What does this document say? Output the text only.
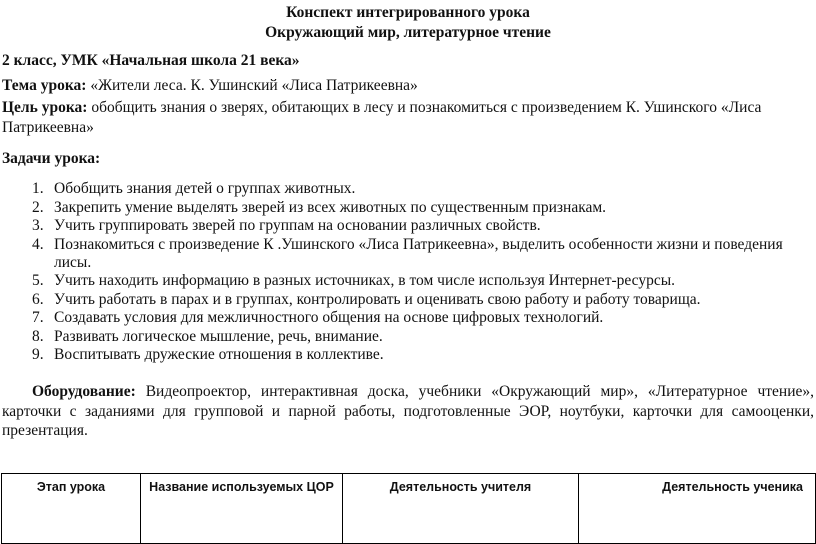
Конспект интегрированного урока
Окружающий мир, литературное чтение
2 класс, УМК «Начальная школа 21 века»
Тема урока: «Жители леса. К. Ушинский «Лиса Патрикеевна»
Цель урока: обобщить знания о зверях, обитающих в лесу и познакомиться с произведением К. Ушинского «Лиса
Патрикеевна»
Задачи урока:
1. Обобщить знания детей о группах животных.
2. Закрепить умение выделять зверей из всех животных по существенным признакам.
3. Учить группировать зверей по группам на основании различных свойств.
4. Познакомиться с произведение К .Ушинского «Лиса Патрикеевна», выделить особенности жизни и поведения
лисы.
5. Учить находить информацию в разных источниках, в том числе используя Интернет-ресурсы.
6. Учить работать в парах и в группах, контролировать и оценивать свою работу и работу товарища.
7. Создавать условия для межличностного общения на основе цифровых технологий.
8. Развивать логическое мышление, речь, внимание.
9. Воспитывать дружеские отношения в коллективе.
Оборудование: Видеопроектор, интерактивная доска, учебники «Окружающий мир», «Литературное чтение»,
карточки с заданиями для групповой и парной работы, подготовленные ЭОР, ноутбуки, карточки для самооценки,
презентация.
Этап урока	Название используемых ЦОР	Деятельность учителя	Деятельность ученика
